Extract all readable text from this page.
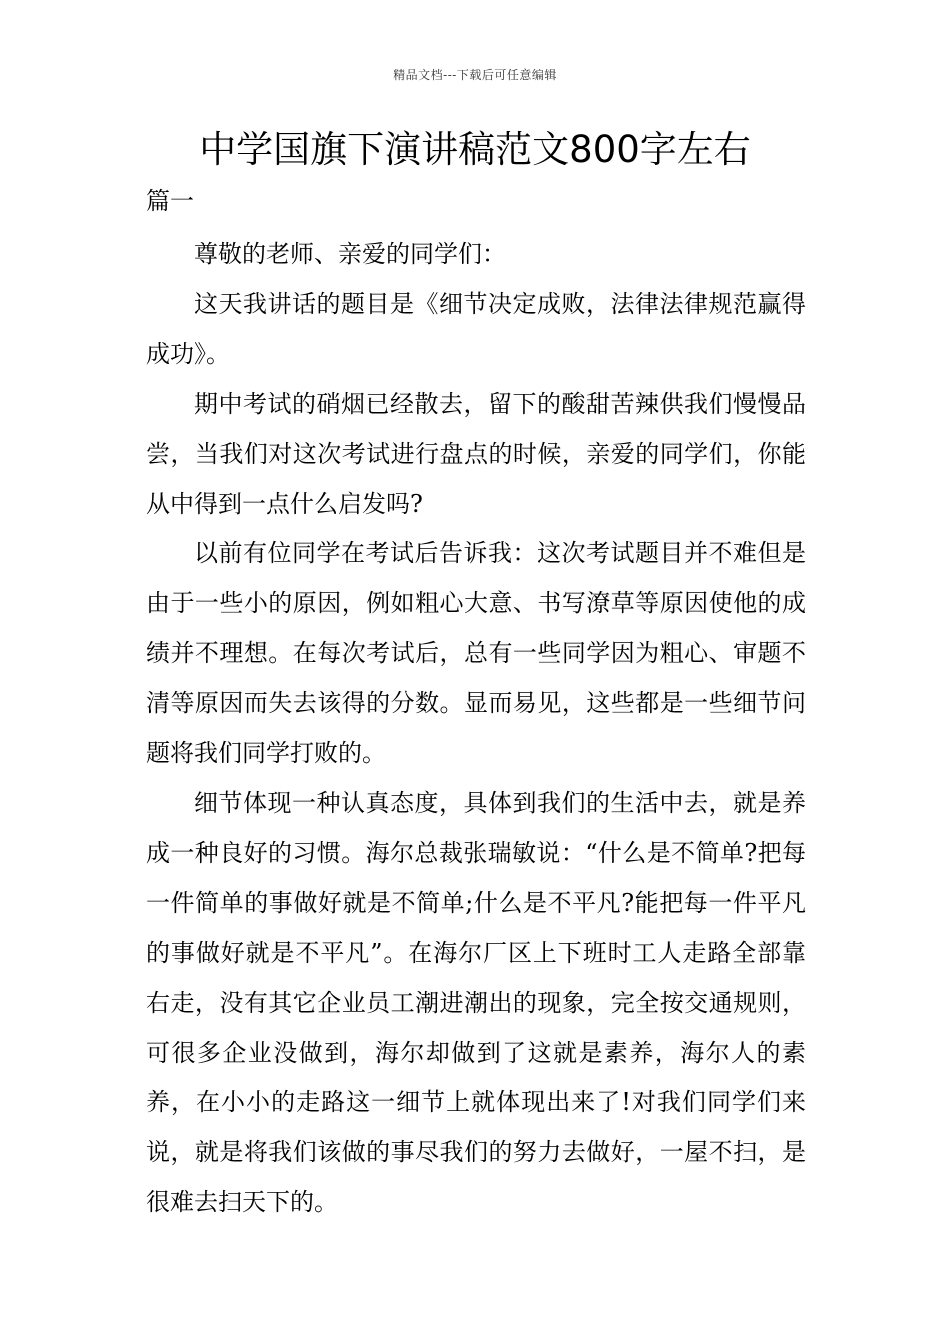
精品文档---下载后可任意编辑
中学国旗下演讲稿范文800字左右
篇一

尊敬的老师、亲爱的同学们：

这天我讲话的题目是《细节决定成败，法律法律规范赢得成功》。

期中考试的硝烟已经散去，留下的酸甜苦辣供我们慢慢品尝，当我们对这次考试进行盘点的时候，亲爱的同学们，你能从中得到一点什么启发吗?

以前有位同学在考试后告诉我：这次考试题目并不难但是由于一些小的原因，例如粗心大意、书写潦草等原因使他的成绩并不理想。在每次考试后，总有一些同学因为粗心、审题不清等原因而失去该得的分数。显而易见，这些都是一些细节问题将我们同学打败的。

细节体现一种认真态度，具体到我们的生活中去，就是养成一种良好的习惯。海尔总裁张瑞敏说：“什么是不简单?把每一件简单的事做好就是不简单;什么是不平凡?能把每一件平凡的事做好就是不平凡”。在海尔厂区上下班时工人走路全部靠右走，没有其它企业员工潮进潮出的现象，完全按交通规则，可很多企业没做到，海尔却做到了这就是素养，海尔人的素养，在小小的走路这一细节上就体现出来了!对我们同学们来说，就是将我们该做的事尽我们的努力去做好，一屋不扫，是很难去扫天下的。
